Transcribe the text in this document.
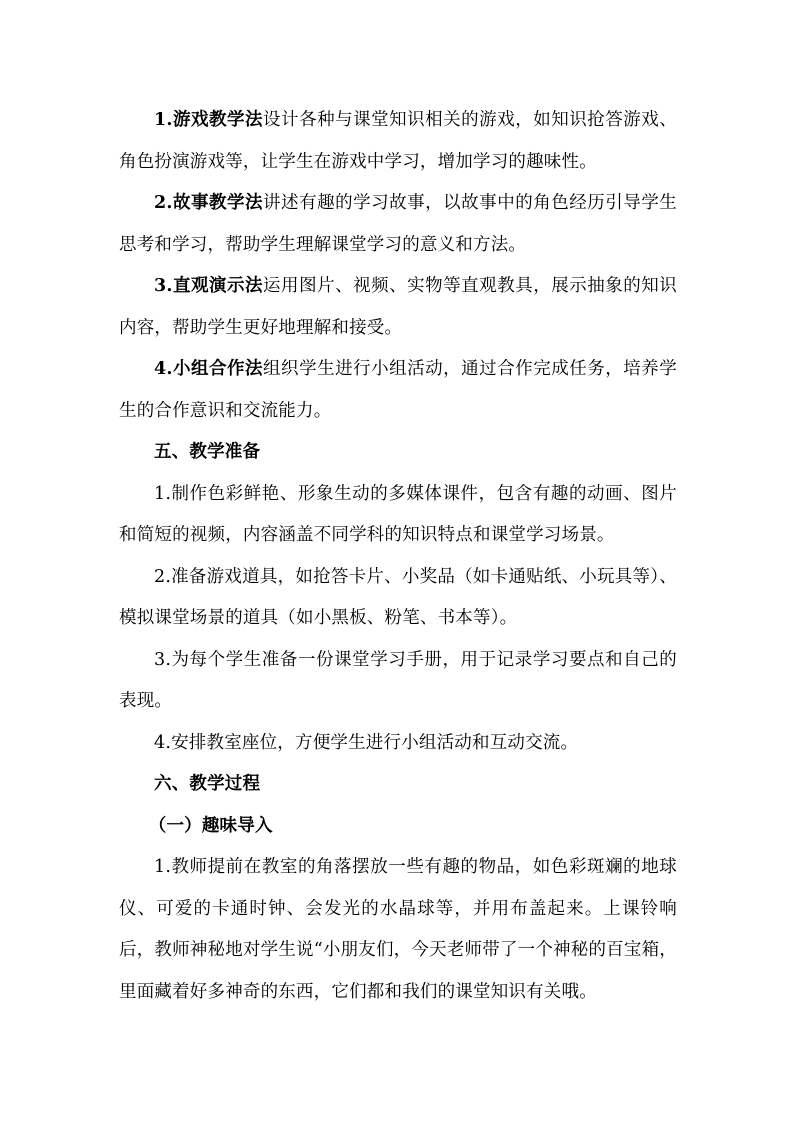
1.游戏教学法设计各种与课堂知识相关的游戏，如知识抢答游戏、角色扮演游戏等，让学生在游戏中学习，增加学习的趣味性。

2.故事教学法讲述有趣的学习故事，以故事中的角色经历引导学生思考和学习，帮助学生理解课堂学习的意义和方法。

3.直观演示法运用图片、视频、实物等直观教具，展示抽象的知识内容，帮助学生更好地理解和接受。

4.小组合作法组织学生进行小组活动，通过合作完成任务，培养学生的合作意识和交流能力。

五、教学准备

1.制作色彩鲜艳、形象生动的多媒体课件，包含有趣的动画、图片和简短的视频，内容涵盖不同学科的知识特点和课堂学习场景。

2.准备游戏道具，如抢答卡片、小奖品（如卡通贴纸、小玩具等）、模拟课堂场景的道具（如小黑板、粉笔、书本等）。

3.为每个学生准备一份课堂学习手册，用于记录学习要点和自己的表现。

4.安排教室座位，方便学生进行小组活动和互动交流。

六、教学过程

（一）趣味导入

1.教师提前在教室的角落摆放一些有趣的物品，如色彩斑斓的地球仪、可爱的卡通时钟、会发光的水晶球等，并用布盖起来。上课铃响后，教师神秘地对学生说“小朋友们，今天老师带了一个神秘的百宝箱，里面藏着好多神奇的东西，它们都和我们的课堂知识有关哦。
